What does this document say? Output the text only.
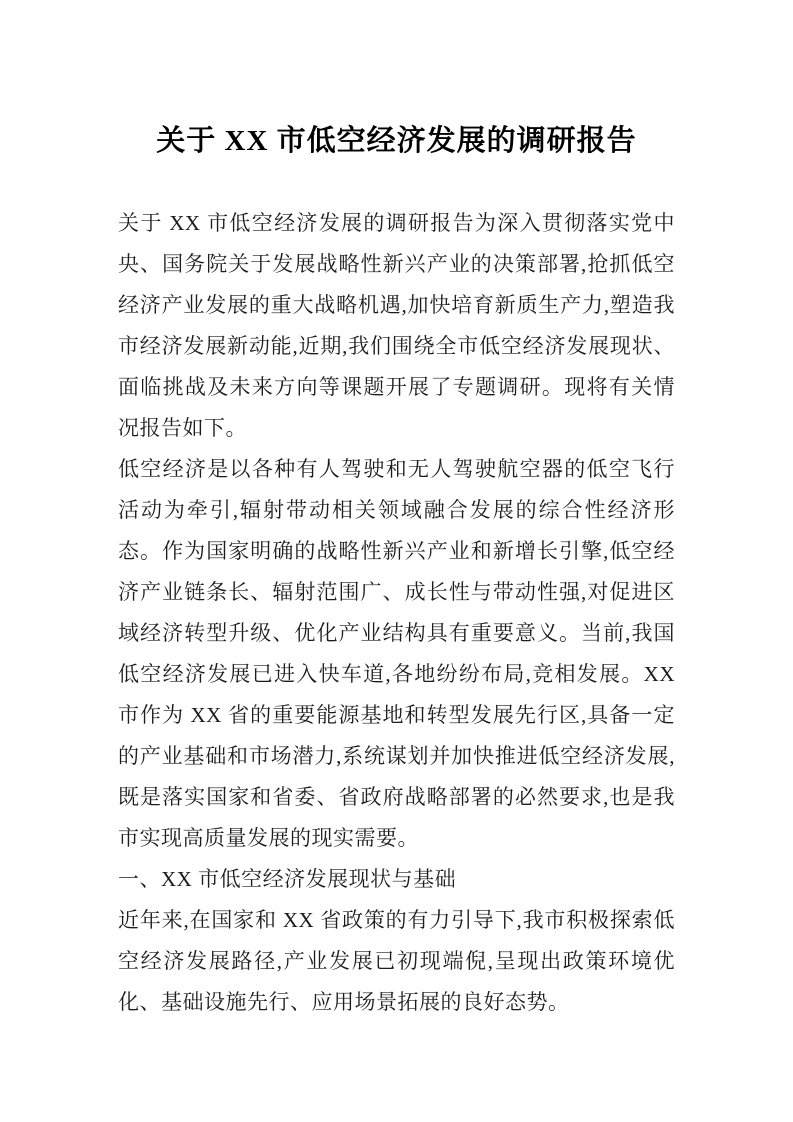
关于 XX 市低空经济发展的调研报告

关于 XX 市低空经济发展的调研报告为深入贯彻落实党中央、国务院关于发展战略性新兴产业的决策部署,抢抓低空经济产业发展的重大战略机遇,加快培育新质生产力,塑造我市经济发展新动能,近期,我们围绕全市低空经济发展现状、面临挑战及未来方向等课题开展了专题调研。现将有关情况报告如下。

低空经济是以各种有人驾驶和无人驾驶航空器的低空飞行活动为牵引,辐射带动相关领域融合发展的综合性经济形态。作为国家明确的战略性新兴产业和新增长引擎,低空经济产业链条长、辐射范围广、成长性与带动性强,对促进区域经济转型升级、优化产业结构具有重要意义。当前,我国低空经济发展已进入快车道,各地纷纷布局,竞相发展。XX 市作为 XX 省的重要能源基地和转型发展先行区,具备一定的产业基础和市场潜力,系统谋划并加快推进低空经济发展,既是落实国家和省委、省政府战略部署的必然要求,也是我市实现高质量发展的现实需要。

一、XX 市低空经济发展现状与基础

近年来,在国家和 XX 省政策的有力引导下,我市积极探索低空经济发展路径,产业发展已初现端倪,呈现出政策环境优化、基础设施先行、应用场景拓展的良好态势。
